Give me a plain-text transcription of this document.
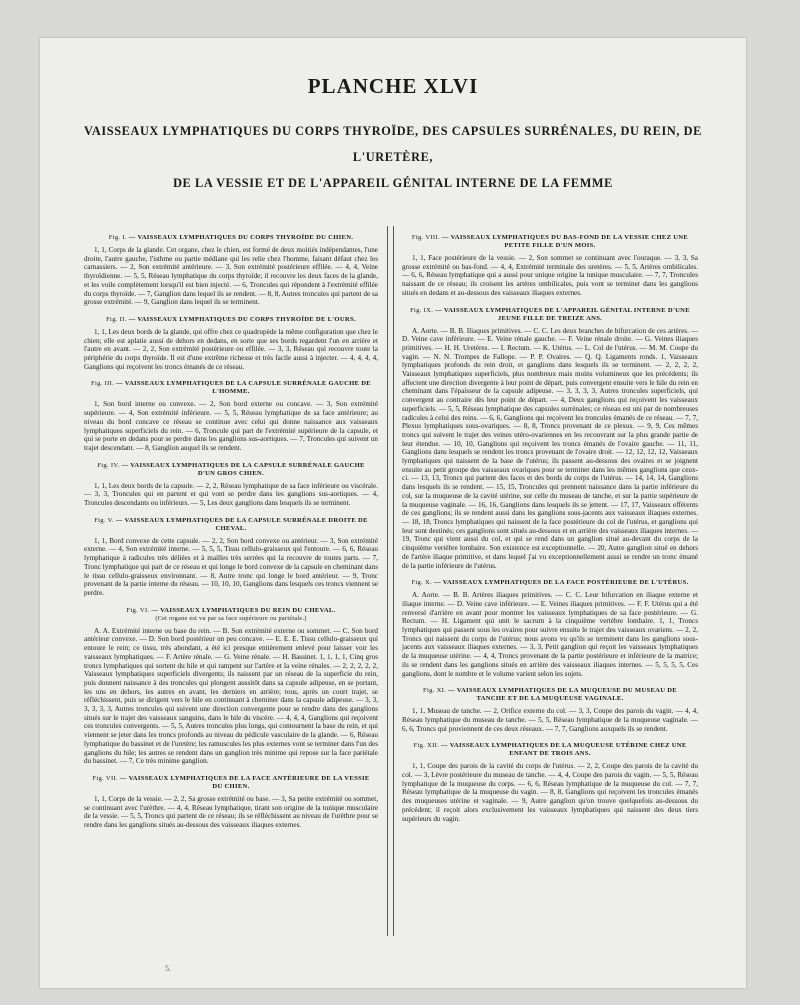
PLANCHE XLVI
VAISSEAUX LYMPHATIQUES DU CORPS THYROÏDE, DES CAPSULES SURRÉNALES, DU REIN, DE L'URETÈRE,
DE LA VESSIE ET DE L'APPAREIL GÉNITAL INTERNE DE LA FEMME
Fig. I. — VAISSEAUX LYMPHATIQUES DU CORPS THYROÏDE DU CHIEN.

1, 1, Corps de la glande. Cet organe, chez le chien, est formé de deux moitiés indépendantes, l'une droite, l'autre gauche, l'isthme ou partie médiane qui les relie chez l'homme, faisant défaut chez les carnassiers. — 2, Son extrémité antérieure. — 3, Son extrémité postérieure effilée. — 4, 4, Veine thyroïdienne. — 5, 5, Réseau lymphatique du corps thyroïde; il recouvre les deux faces de la glande, et les voile complètement lorsqu'il est bien injecté. — 6, Troncules qui répondent à l'extrémité effilée du corps thyroïde. — 7, Ganglion dans lequel ils se rendent. — 8, 8, Autres troncules qui partent de sa grosse extrémité. — 9, Ganglion dans lequel ils se terminent.

Fig. II. — VAISSEAUX LYMPHATIQUES DU CORPS THYROÏDE DE L'OURS.

1, 1, Les deux bords de la glande, qui offre chez ce quadrupède la même configuration que chez le chien; elle est aplatie aussi de dehors en dedans, en sorte que ses bords regardent l'un en arrière et l'autre en avant. — 2, 2, Son extrémité postérieure ou effilée. — 3, 3, Réseau qui recouvre toute la périphérie du corps thyroïde. Il est d'une extrême richesse et très facile aussi à injecter. — 4, 4, 4, 4, Ganglions qui reçoivent les troncs émanés de ce réseau.

Fig. III. — VAISSEAUX LYMPHATIQUES DE LA CAPSULE SURRÉNALE GAUCHE DE L'HOMME.

1, Son bord interne ou convexe. — 2, Son bord externe ou concave. — 3, Son extrémité supérieure. — 4, Son extrémité inférieure. — 5, 5, Réseau lymphatique de sa face antérieure; au niveau du bord concave ce réseau se continue avec celui qui donne naissance aux vaisseaux lymphatiques superficiels du rein. — 6, Troncule qui part de l'extrémité supérieure de la capsule, et qui se porte en dedans pour se perdre dans les ganglions sus-aortiques. — 7, Troncules qui suivent un trajet descendant. — 8, Ganglion auquel ils se rendent.

Fig. IV. — VAISSEAUX LYMPHATIQUES DE LA CAPSULE SURRÉNALE GAUCHE D'UN GROS CHIEN.

1, 1, Les deux bords de la capsule. — 2, 2, Réseau lymphatique de sa face inférieure ou viscérale. — 3, 3, Troncules qui en partent et qui vont se perdre dans les ganglions sus-aortiques. — 4, Troncules descendants ou inférieurs. — 5, Les deux ganglions dans lesquels ils se terminent.

Fig. V. — VAISSEAUX LYMPHATIQUES DE LA CAPSULE SURRÉNALE DROITE DE CHEVAL.

1, 1, Bord convexe de cette capsule. — 2, 2, Son bord convexe ou antérieur. — 3, Son extrémité externe. — 4, Son extrémité interne. — 5, 5, 5, Tissu cellulo-graisseux qui l'entoure. — 6, 6, Réseau lymphatique à radicules très déliées et à mailles très serrées qui la recouvre de toutes parts. — 7, Tronc lymphatique qui part de ce réseau et qui longe le bord convexe de la capsule en cheminant dans le tissu cellulo-graisseux environnant. — 8, Autre tronc qui longe le bord antérieur. — 9, Tronc provenant de la partie interne du réseau. — 10, 10, 10, Ganglions dans lesquels ces troncs viennent se perdre.

Fig. VI. — VAISSEAUX LYMPHATIQUES DU REIN DU CHEVAL.
(Cet organe est vu par sa face supérieure ou pariétale.)

A. A. Extrémité interne ou base du rein. — B. Son extrémité externe ou sommet. — C. Son bord antérieur convexe. — D. Son bord postérieur un peu concave. — E. E. E. Tissu cellulo-graisseux qui entoure le rein; ce tissu, très abondant, a été ici presque entièrement enlevé pour laisser voir les vaisseaux lymphatiques. — F. Artère rénale. — G. Veine rénale. — H. Bassinet. 1, 1, 1, 1, Cinq gros troncs lymphatiques qui sortent du hile et qui rampent sur l'artère et la veine rénales. — 2, 2, 2, 2, 2, Vaisseaux lymphatiques superficiels divergents; ils naissent par un réseau de la superficie du rein, puis donnent naissance à des troncules qui plongent aussitôt dans sa capsule adipeuse, en se portant, les uns en dehors, les autres en avant, les derniers en arrière; tous, après un court trajet, se réfléchissent, puis se dirigent vers le hile en continuant à cheminer dans la capsule adipeuse. — 3, 3, 3, 3, 3, 3, Autres troncules qui suivent une direction convergente pour se rendre dans des ganglions situés sur le trajet des vaisseaux sanguins, dans le hile du viscère. — 4, 4, 4, Ganglions qui reçoivent ces troncules convergents. — 5, 5, Autres troncules plus longs, qui contournent la base du rein, et qui viennent se jeter dans les troncs profonds au niveau du pédicule vasculaire de la glande. — 6, Réseau lymphatique du bassinet et de l'uretère; les ramuscules les plus externes vont se terminer dans l'un des ganglions du hile; les autres se rendent dans un ganglion très minime qui repose sur la face pariétale du bassinet. — 7, Ce très minime ganglion.

Fig. VII. — VAISSEAUX LYMPHATIQUES DE LA FACE ANTÉRIEURE DE LA VESSIE DU CHIEN.

1, 1, Corps de la vessie. — 2, 2, Sa grosse extrémité ou base. — 3, Sa petite extrémité ou sommet, se continuant avec l'urèthre. — 4, 4, Réseau lymphatique, tirant son origine de la tunique musculaire de la vessie. — 5, 5, Troncs qui partent de ce réseau; ils se réfléchissent au niveau de l'urèthre pour se rendre dans les ganglions situés au-dessous des vaisseaux iliaques externes.

Fig. VIII. — VAISSEAUX LYMPHATIQUES DU BAS-FOND DE LA VESSIE CHEZ UNE PETITE FILLE D'UN MOIS.

1, 1, Face postérieure de la vessie. — 2, Son sommet se continuant avec l'ouraque. — 3, 3, Sa grosse extrémité ou bas-fond. — 4, 4, Extrémité terminale des uretères. — 5, 5, Artères ombilicales. — 6, 6, Réseau lymphatique qui a aussi pour unique origine la tunique musculaire. — 7, 7, Troncules naissant de ce réseau; ils croisent les artères ombilicales, puis vont se terminer dans les ganglions situés en dedans et au-dessous des vaisseaux iliaques externes.

Fig. IX. — VAISSEAUX LYMPHATIQUES DE L'APPAREIL GÉNITAL INTERNE D'UNE JEUNE FILLE DE TREIZE ANS.

A. Aorte. — B. B. Iliaques primitives. — C. C. Les deux branches de bifurcation de ces artères. — D. Veine cave inférieure. — E. Veine rénale gauche. — F. Veine rénale droite. — G. Veines iliaques primitives. — H. H. Uretères. — I. Rectum. — K. Utérus. — L. Col de l'utérus. — M. M. Coupe du vagin. — N. N. Trompes de Fallope. — P. P. Ovaires. — Q. Q. Ligaments ronds. 1, Vaisseaux lymphatiques profonds du rein droit, et ganglions dans lesquels ils se terminent. — 2, 2, 2, 2, Vaisseaux lymphatiques superficiels, plus nombreux mais moins volumineux que les précédents; ils affectent une direction divergente à leur point de départ, puis convergent ensuite vers le hile du rein en cheminant dans l'épaisseur de la capsule adipeuse. — 3, 3, 3, 3, Autres troncules superficiels, qui convergent au contraire dès leur point de départ. — 4, Deux ganglions qui reçoivent les vaisseaux superficiels. — 5, 5, Réseau lymphatique des capsules surrénales; ce réseau est uni par de nombreuses radicules à celui des reins. — 6, 6, Ganglions qui reçoivent les troncules émanés de ce réseau. — 7, 7, Plexus lymphatiques sous-ovariques. — 8, 8, Troncs provenant de ce plexus. — 9, 9, Ces mêmes troncs qui suivent le trajet des veines utéro-ovariennes en les recouvrant sur la plus grande partie de leur étendue. — 10, 10, Ganglions qui reçoivent les troncs émanés de l'ovaire gauche. — 11, 11, Ganglions dans lesquels se rendent les troncs provenant de l'ovaire droit. — 12, 12, 12, 12, Vaisseaux lymphatiques qui naissent de la base de l'utérus; ils passent au-dessous des ovaires et se joignent ensuite au petit groupe des vaisseaux ovariques pour se terminer dans les mêmes ganglions que ceux-ci. — 13, 13, Troncs qui partent des faces et des bords du corps de l'utérus. — 14, 14, 14, Ganglions dans lesquels ils se rendent. — 15, 15, Troncules qui prennent naissance dans la partie inférieure du col, sur la muqueuse de la cavité utérine, sur celle du museau de tanche, et sur la partie supérieure de la muqueuse vaginale. — 16, 16, Ganglions dans lesquels ils se jettent. — 17, 17, Vaisseaux efférents de ces ganglions; ils se rendent aussi dans les ganglions sous-jacents aux vaisseaux iliaques externes. — 18, 18, Troncs lymphatiques qui naissent de la face postérieure du col de l'utérus, et ganglions qui leur sont destinés; ces ganglions sont situés au-dessous et en arrière des vaisseaux iliaques internes. — 19, Tronc qui vient aussi du col, et qui se rend dans un ganglion situé au-devant du corps de la cinquième vertèbre lombaire. Son existence est exceptionnelle. — 20, Autre ganglion situé en dehors de l'artère iliaque primitive, et dans lequel j'ai vu exceptionnellement aussi se rendre un tronc émané de la partie inférieure de l'utérus.

Fig. X. — VAISSEAUX LYMPHATIQUES DE LA FACE POSTÉRIEURE DE L'UTÉRUS.

A. Aorte. — B. B. Artères iliaques primitives. — C. C. Leur bifurcation en iliaque externe et iliaque interne. — D. Veine cave inférieure. — E. Veines iliaques primitives. — F. F. Utérus qui a été renversé d'arrière en avant pour montrer les vaisseaux lymphatiques de sa face postérieure. — G. Rectum. — H. Ligament qui unit le sacrum à la cinquième vertèbre lombaire. 1, 1, Troncs lymphatiques qui passent sous les ovaires pour suivre ensuite le trajet des vaisseaux ovariens. — 2, 2, Troncs qui naissent du corps de l'utérus; nous avons vu qu'ils se terminent dans les ganglions sous-jacents aux vaisseaux iliaques externes. — 3, 3, Petit ganglion qui reçoit les vaisseaux lymphatiques de la muqueuse utérine. — 4, 4, Troncs provenant de la partie postérieure et inférieure de la matrice; ils se rendent dans les ganglions situés en arrière des vaisseaux iliaques internes. — 5, 5, 5, 5, Ces ganglions, dont le nombre et le volume varient selon les sujets.

Fig. XI. — VAISSEAUX LYMPHATIQUES DE LA MUQUEUSE DU MUSEAU DE TANCHE ET DE LA MUQUEUSE VAGINALE.

1, 1, Museau de tanche. — 2, Orifice externe du col. — 3, 3, Coupe des parois du vagin. — 4, 4, Réseau lymphatique du museau de tanche. — 5, 5, Réseau lymphatique de la muqueuse vaginale. — 6, 6, Troncs qui proviennent de ces deux réseaux. — 7, 7, Ganglions auxquels ils se rendent.

Fig. XII. — VAISSEAUX LYMPHATIQUES DE LA MUQUEUSE UTÉRINE CHEZ UNE ENFANT DE TROIS ANS.

1, 1, Coupe des parois de la cavité du corps de l'utérus. — 2, 2, Coupe des parois de la cavité du col. — 3, Lèvre postérieure du museau de tanche. — 4, 4, Coupe des parois du vagin. — 5, 5, Réseau lymphatique de la muqueuse du corps. — 6, 6, Réseau lymphatique de la muqueuse du col. — 7, 7, Réseau lymphatique de la muqueuse du vagin. — 8, 8, Ganglions qui reçoivent les troncules émanés des muqueuses utérine et vaginale. — 9, Autre ganglion qu'on trouve quelquefois au-dessous du précédent; il reçoit alors exclusivement les vaisseaux lymphatiques qui naissent des deux tiers supérieurs du vagin.

5.
